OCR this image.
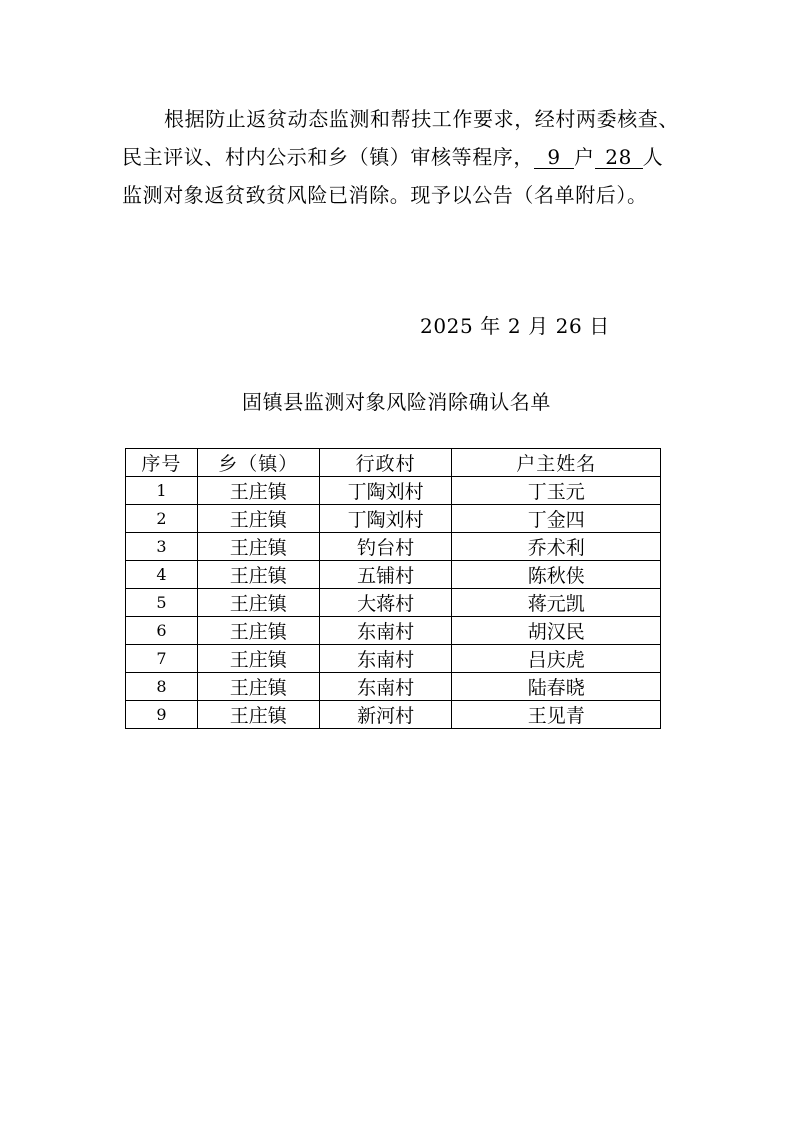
根据防止返贫动态监测和帮扶工作要求，经村两委核查、
民主评议、村内公示和乡（镇）审核等程序， 9 户 28 人
监测对象返贫致贫风险已消除。现予以公告（名单附后）。
2025 年 2 月 26 日
固镇县监测对象风险消除确认名单
序号	乡（镇）	行政村	户主姓名
1	王庄镇	丁陶刘村	丁玉元
2	王庄镇	丁陶刘村	丁金四
3	王庄镇	钓台村	乔术利
4	王庄镇	五铺村	陈秋侠
5	王庄镇	大蒋村	蒋元凯
6	王庄镇	东南村	胡汉民
7	王庄镇	东南村	吕庆虎
8	王庄镇	东南村	陆春晓
9	王庄镇	新河村	王见青
